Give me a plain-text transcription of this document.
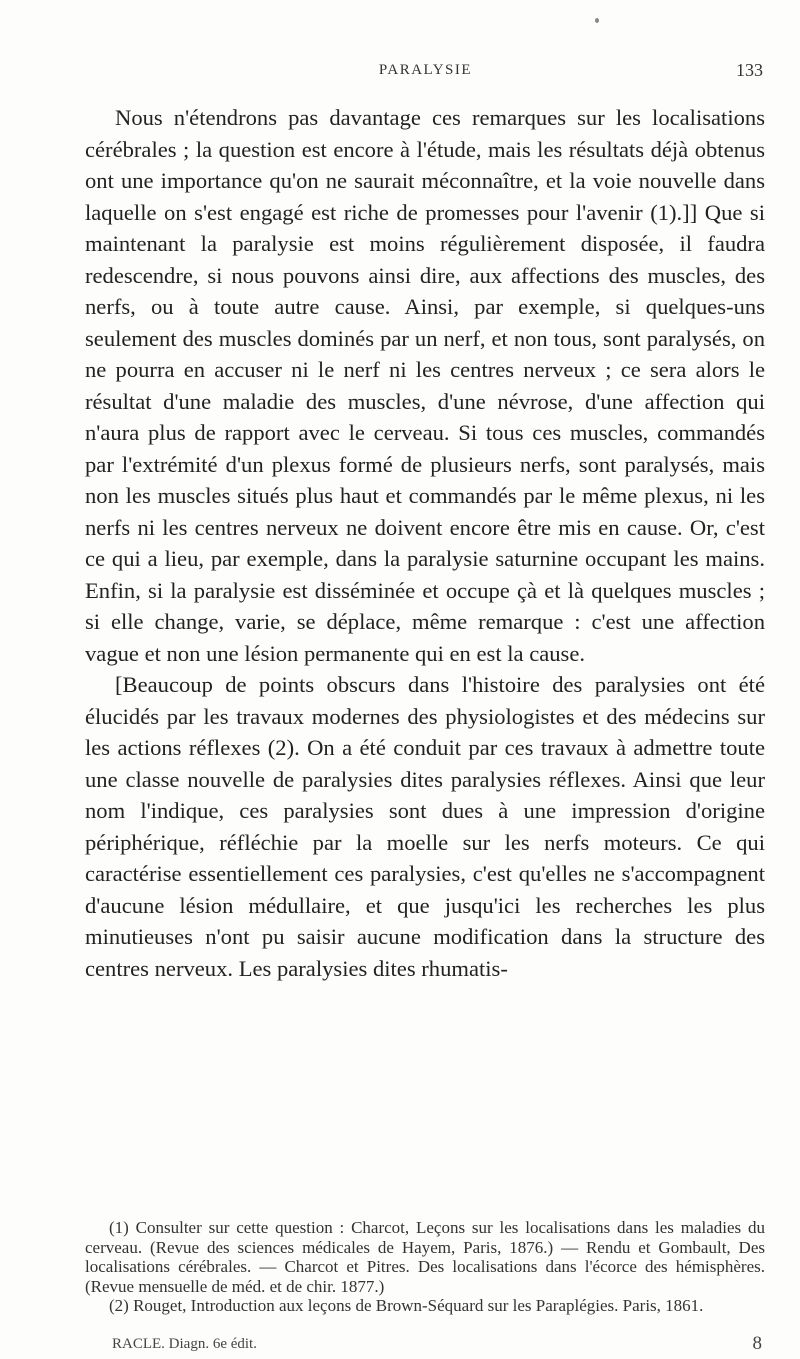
PARALYSIE	133

Nous n'étendrons pas davantage ces remarques sur les localisations cérébrales ; la question est encore à l'étude, mais les résultats déjà obtenus ont une importance qu'on ne saurait méconnaître, et la voie nouvelle dans laquelle on s'est engagé est riche de promesses pour l'avenir (1).]] Que si maintenant la paralysie est moins régulièrement disposée, il faudra redescendre, si nous pouvons ainsi dire, aux affections des muscles, des nerfs, ou à toute autre cause. Ainsi, par exemple, si quelques-uns seulement des muscles dominés par un nerf, et non tous, sont paralysés, on ne pourra en accuser ni le nerf ni les centres nerveux ; ce sera alors le résultat d'une maladie des muscles, d'une névrose, d'une affection qui n'aura plus de rapport avec le cerveau. Si tous ces muscles, commandés par l'extrémité d'un plexus formé de plusieurs nerfs, sont paralysés, mais non les muscles situés plus haut et commandés par le même plexus, ni les nerfs ni les centres nerveux ne doivent encore être mis en cause. Or, c'est ce qui a lieu, par exemple, dans la paralysie saturnine occupant les mains. Enfin, si la paralysie est disséminée et occupe çà et là quelques muscles ; si elle change, varie, se déplace, même remarque : c'est une affection vague et non une lésion permanente qui en est la cause.

[Beaucoup de points obscurs dans l'histoire des paralysies ont été élucidés par les travaux modernes des physiologistes et des médecins sur les actions réflexes (2). On a été conduit par ces travaux à admettre toute une classe nouvelle de paralysies dites paralysies réflexes. Ainsi que leur nom l'indique, ces paralysies sont dues à une impression d'origine périphérique, réfléchie par la moelle sur les nerfs moteurs. Ce qui caractérise essentiellement ces paralysies, c'est qu'elles ne s'accompagnent d'aucune lésion médullaire, et que jusqu'ici les recherches les plus minutieuses n'ont pu saisir aucune modification dans la structure des centres nerveux. Les paralysies dites rhumatis-

(1) Consulter sur cette question : Charcot, Leçons sur les localisations dans les maladies du cerveau. (Revue des sciences médicales de Hayem, Paris, 1876.) — Rendu et Gombault, Des localisations cérébrales. — Charcot et Pitres. Des localisations dans l'écorce des hémisphères. (Revue mensuelle de méd. et de chir. 1877.)

(2) Rouget, Introduction aux leçons de Brown-Séquard sur les Paraplégies. Paris, 1861.

RACLE. Diagn. 6e édit.	8
